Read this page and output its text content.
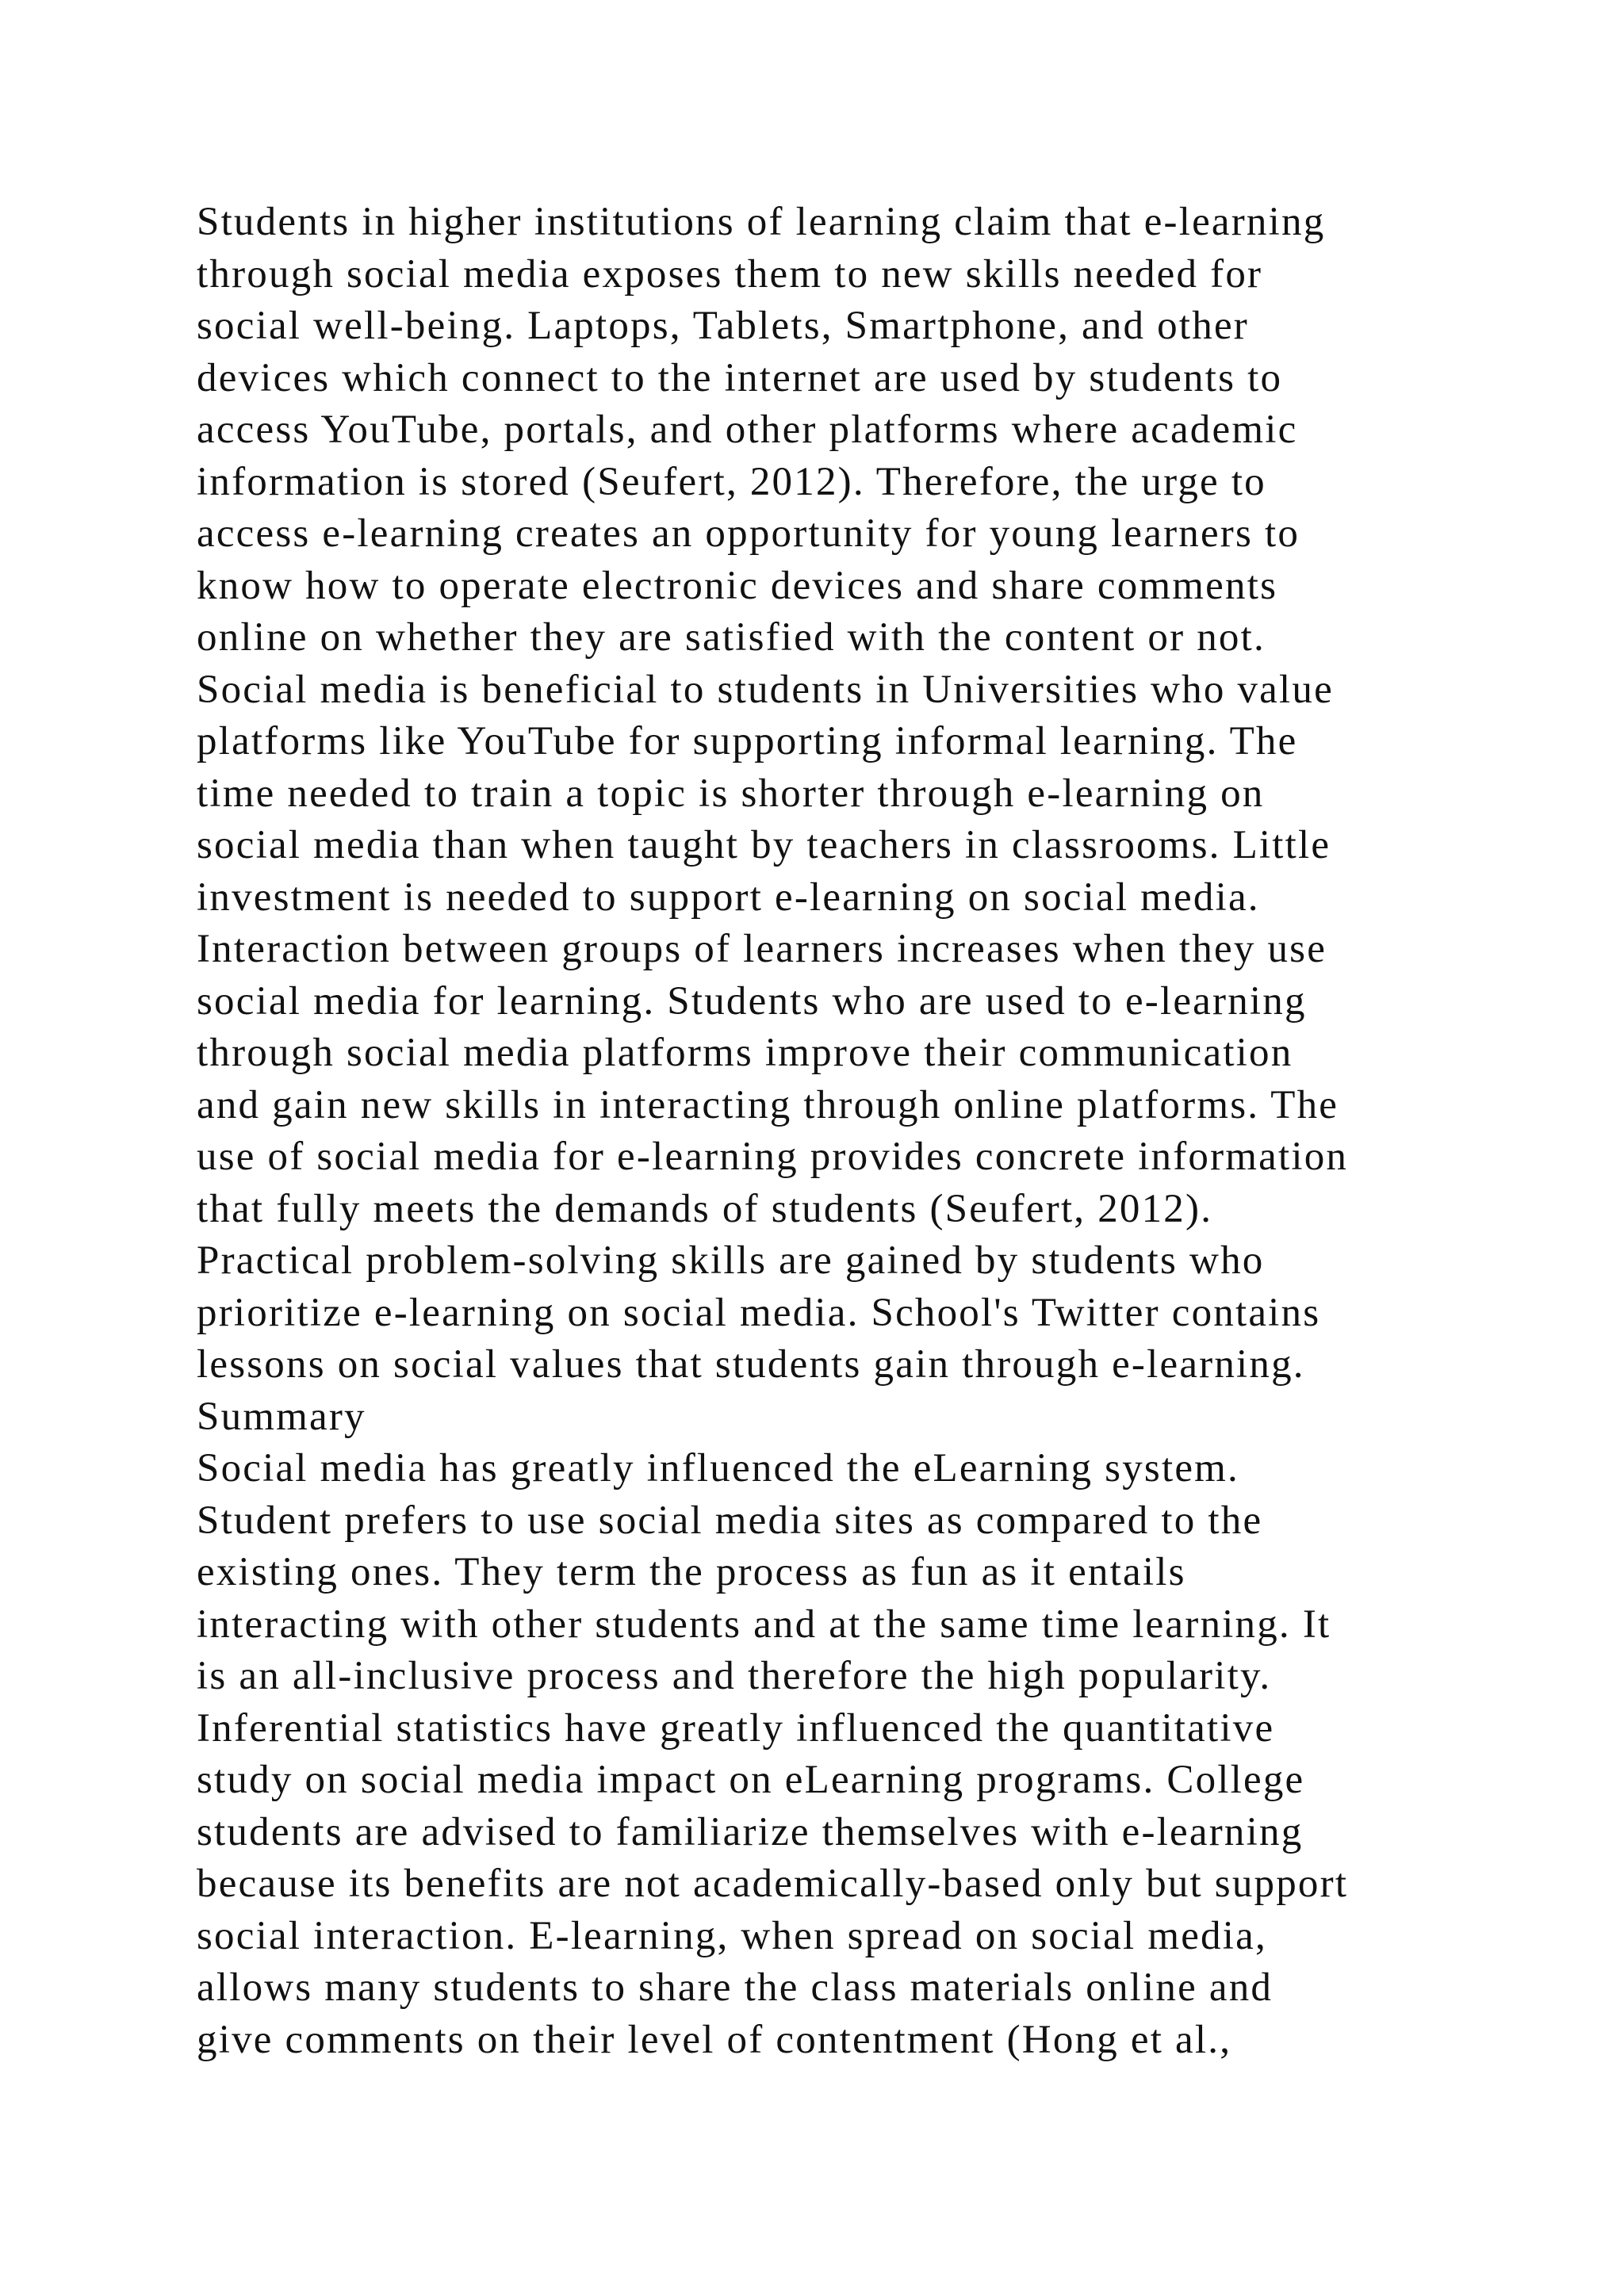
Students in higher institutions of learning claim that e-learning
through social media exposes them to new skills needed for
social well-being. Laptops, Tablets, Smartphone, and other
devices which connect to the internet are used by students to
access YouTube, portals, and other platforms where academic
information is stored (Seufert, 2012). Therefore, the urge to
access e-learning creates an opportunity for young learners to
know how to operate electronic devices and share comments
online on whether they are satisfied with the content or not.
Social media is beneficial to students in Universities who value
platforms like YouTube for supporting informal learning. The
time needed to train a topic is shorter through e-learning on
social media than when taught by teachers in classrooms. Little
investment is needed to support e-learning on social media.
Interaction between groups of learners increases when they use
social media for learning. Students who are used to e-learning
through social media platforms improve their communication
and gain new skills in interacting through online platforms. The
use of social media for e-learning provides concrete information
that fully meets the demands of students (Seufert, 2012).
Practical problem-solving skills are gained by students who
prioritize e-learning on social media. School's Twitter contains
lessons on social values that students gain through e-learning.
Summary
Social media has greatly influenced the eLearning system.
Student prefers to use social media sites as compared to the
existing ones. They term the process as fun as it entails
interacting with other students and at the same time learning. It
is an all-inclusive process and therefore the high popularity.
Inferential statistics have greatly influenced the quantitative
study on social media impact on eLearning programs. College
students are advised to familiarize themselves with e-learning
because its benefits are not academically-based only but support
social interaction. E-learning, when spread on social media,
allows many students to share the class materials online and
give comments on their level of contentment (Hong et al.,
